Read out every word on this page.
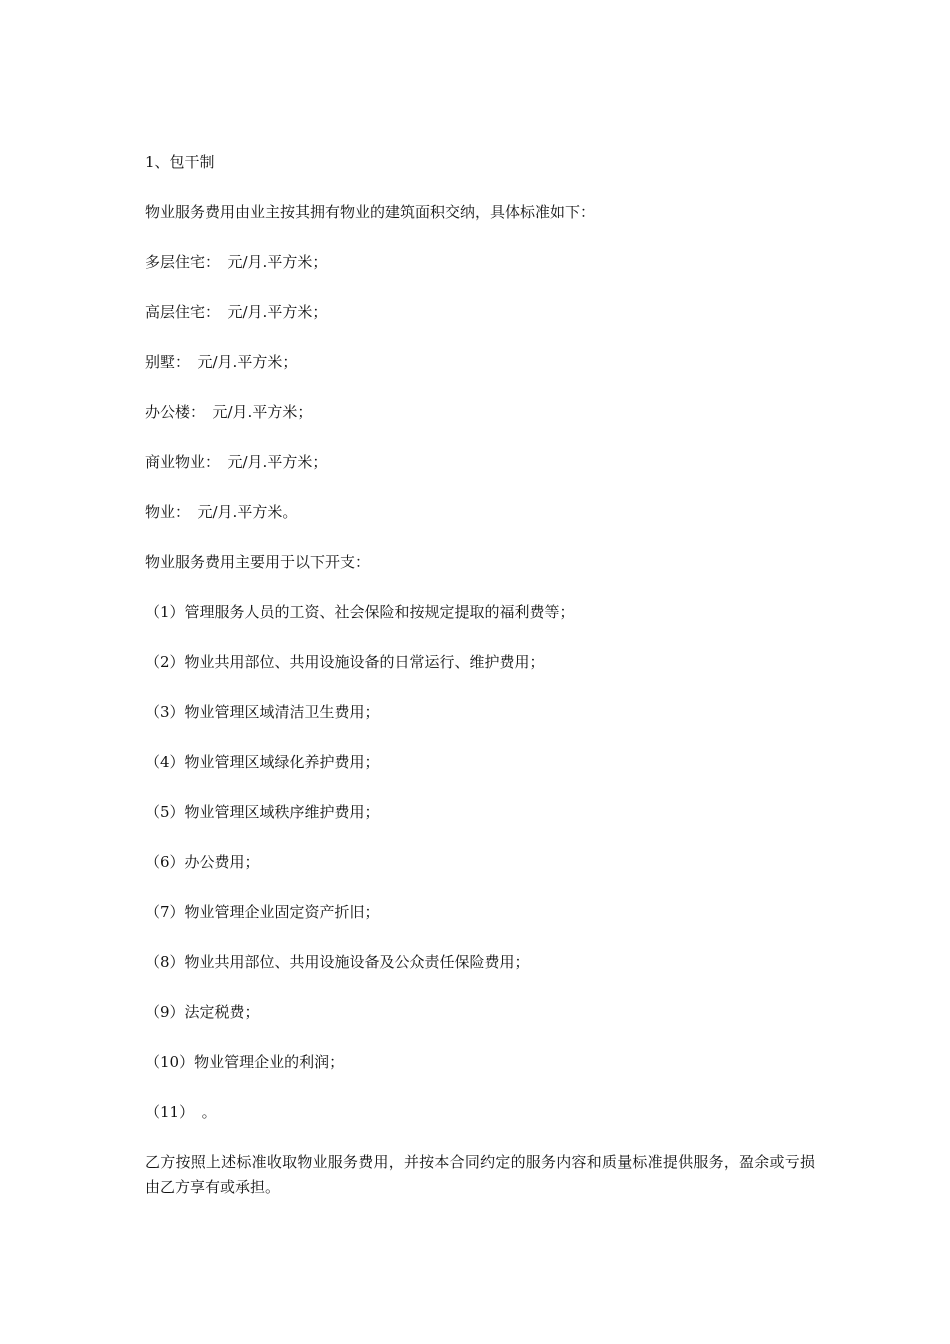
1、包干制
物业服务费用由业主按其拥有物业的建筑面积交纳，具体标准如下：
多层住宅：　元/月.平方米；
高层住宅：　元/月.平方米；
别墅：　元/月.平方米；
办公楼：　元/月.平方米；
商业物业：　元/月.平方米；
物业：　元/月.平方米。
物业服务费用主要用于以下开支：
（1）管理服务人员的工资、社会保险和按规定提取的福利费等；
（2）物业共用部位、共用设施设备的日常运行、维护费用；
（3）物业管理区域清洁卫生费用；
（4）物业管理区域绿化养护费用；
（5）物业管理区域秩序维护费用；
（6）办公费用；
（7）物业管理企业固定资产折旧；
（8）物业共用部位、共用设施设备及公众责任保险费用；
（9）法定税费；
（10）物业管理企业的利润；
（11）　。

乙方按照上述标准收取物业服务费用，并按本合同约定的服务内容和质量标准提供服务，盈余或亏损由乙方享有或承担。
